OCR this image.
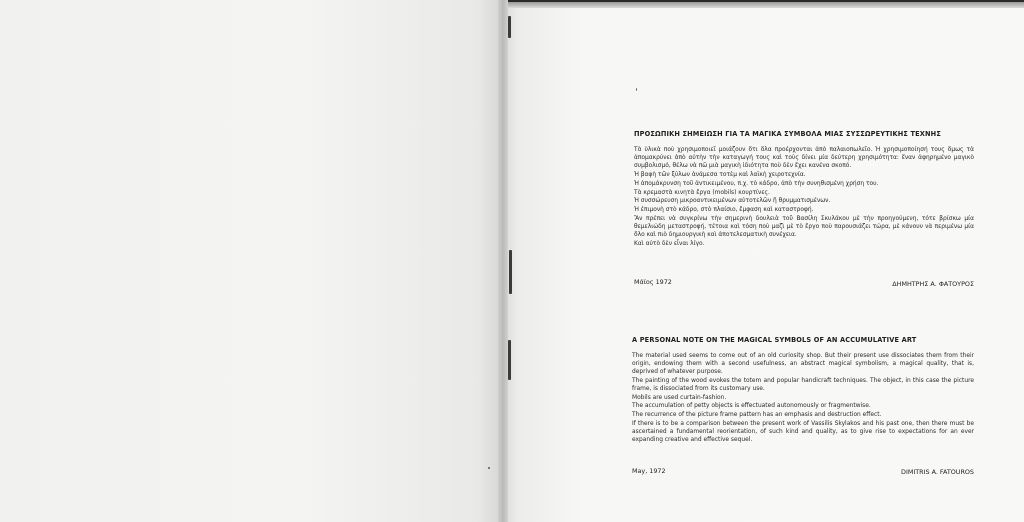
ΠΡΟΣΩΠΙΚΗ ΣΗΜΕΙΩΣΗ ΓΙΑ ΤΑ ΜΑΓΙΚΑ ΣΥΜΒΟΛΑ ΜΙΑΣ ΣΥΣΣΩΡΕΥΤΙΚΗΣ ΤΕΧΝΗΣ

Τὰ ὑλικὰ ποὺ χρησιμοποιεῖ μοιάζουν ὅτι ὅλα προέρχονται ἀπὸ παλαιοπωλεῖο. Ἡ χρησιμοποίησή τους ὅμως τὰ ἀπομακρύνει ἀπὸ αὐτὴν τὴν καταγωγή τους καὶ τοὺς δίνει μία δεύτερη χρησιμότητα: ἕναν ἀφηρημένο μαγικὸ συμβολισμό, θέλω νὰ πῶ μιὰ μαγικὴ ἰδιότητα ποὺ δὲν ἔχει κανένα σκοπό.

Ἡ βαφὴ τῶν ξύλων ἀνάμεσα τοτὲμ καὶ λαϊκὴ χειροτεχνία.

Ἡ ἀπομάκρυνση τοῦ ἀντικειμένου, π.χ. τὸ κάδρο, ἀπὸ τὴν συνηθισμένη χρήση του.

Τὰ κρεμαστὰ κινητὰ ἔργα (mobils) κουρτίνες.

Ἡ συσσώρευση μικροαντικειμένων αὐτοτελῶν ἢ θρυμματισμένων.

Ἡ ἐπιμονὴ στὸ κάδρο, στὸ πλαίσιο, ἔμφαση καὶ καταστροφή.

Ἂν πρέπει νὰ συγκρίνω τὴν σημερινὴ δουλειὰ τοῦ Βασίλη Σκυλάκου μὲ τὴν προηγούμενη, τότε βρίσκω μία θεμελιώδη μεταστροφή, τέτοια καὶ τόση ποὺ μαζὶ μὲ τὸ ἔργο ποὺ παρουσιάζει τώρα, μὲ κάνουν νὰ περιμένω μία ὅλο καὶ πιὸ δημιουργικὴ καὶ ἀποτελεσματικὴ συνέχεια.

Καὶ αὐτὸ δὲν εἶναι λίγο.

Μάϊος 1972	ΔΗΜΗΤΡΗΣ Α. ΦΑΤΟΥΡΟΣ
A PERSONAL NOTE ON THE MAGICAL SYMBOLS OF AN ACCUMULATIVE ART

The material used seems to come out of an old curiosity shop. But their present use dissociates them from their origin, endowing them with a second usefulness, an abstract magical symbolism, a magical quality, that is, deprived of whatever purpose.

The painting of the wood evokes the totem and popular handicraft techniques. The object, in this case the picture frame, is dissociated from its customary use.

Mobils are used curtain-fashion.

The accumulation of petty objects is effectuated autonomously or fragmentwise.

The recurrence of the picture frame pattern has an emphasis and destruction effect.

If there is to be a comparison between the present work of Vassilis Skylakos and his past one, then there must be ascertained a fundamental reorientation, of such kind and quality, as to give rise to expectations for an ever expanding creative and effective sequel.

May, 1972	DIMITRIS A. FATOUROS
